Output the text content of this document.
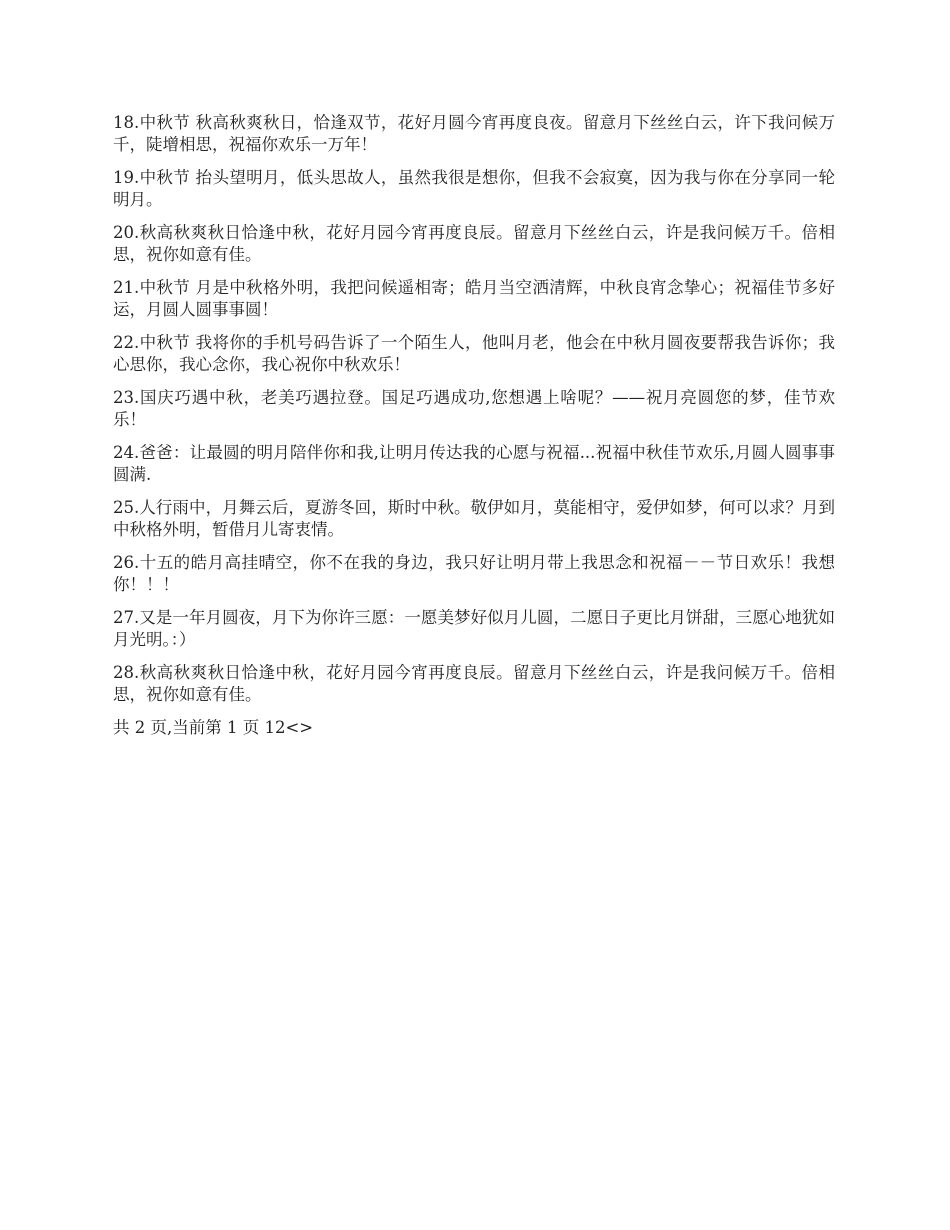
18.中秋节 秋高秋爽秋日，恰逢双节，花好月圆今宵再度良夜。留意月下丝丝白云，许下我问候万千，陡增相思，祝福你欢乐一万年！

19.中秋节 抬头望明月，低头思故人，虽然我很是想你，但我不会寂寞，因为我与你在分享同一轮明月。

20.秋高秋爽秋日恰逢中秋，花好月园今宵再度良辰。留意月下丝丝白云，许是我问候万千。倍相思，祝你如意有佳。

21.中秋节 月是中秋格外明，我把问候遥相寄；皓月当空洒清辉，中秋良宵念挚心；祝福佳节多好运，月圆人圆事事圆！

22.中秋节 我将你的手机号码告诉了一个陌生人，他叫月老，他会在中秋月圆夜要帮我告诉你；我心思你，我心念你，我心祝你中秋欢乐！

23.国庆巧遇中秋，老美巧遇拉登。国足巧遇成功,您想遇上啥呢？——祝月亮圆您的梦，佳节欢乐！

24.爸爸：让最圆的明月陪伴你和我,让明月传达我的心愿与祝福...祝福中秋佳节欢乐,月圆人圆事事圆满.

25.人行雨中，月舞云后，夏游冬回，斯时中秋。敬伊如月，莫能相守，爱伊如梦，何可以求？月到中秋格外明，暂借月儿寄衷情。

26.十五的皓月高挂晴空，你不在我的身边，我只好让明月带上我思念和祝福－－节日欢乐！我想你！！！

27.又是一年月圆夜，月下为你许三愿：一愿美梦好似月儿圆，二愿日子更比月饼甜，三愿心地犹如月光明。：）

28.秋高秋爽秋日恰逢中秋，花好月园今宵再度良辰。留意月下丝丝白云，许是我问候万千。倍相思，祝你如意有佳。

共 2 页,当前第 1 页 12<>
